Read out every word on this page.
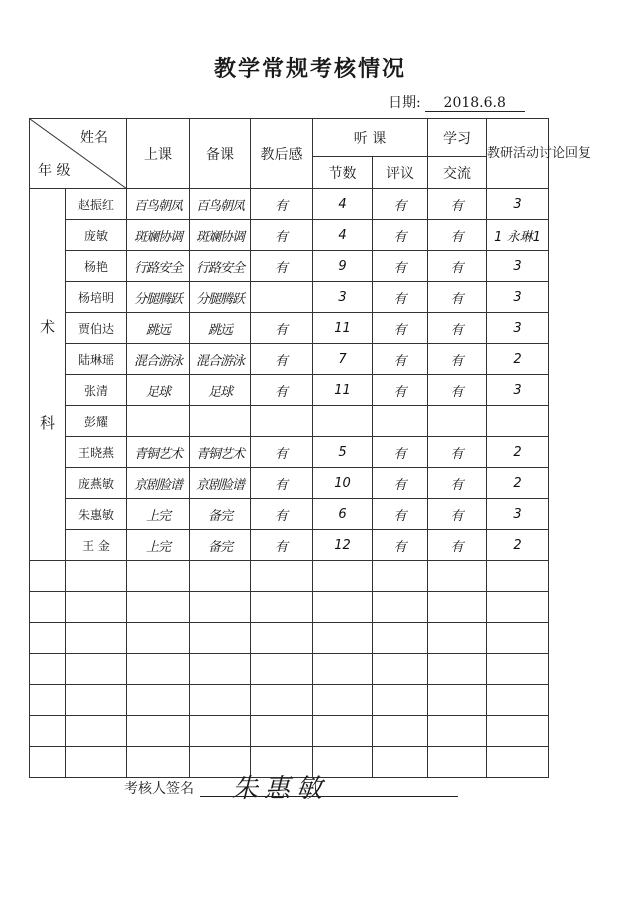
教学常规考核情况
日期: 2018.6.8
姓名
年 级		上课	备课	教后感	听 课		学习	教研活动讨论回复
					节数	评议	交流	

术
科	赵振红	百鸟朝凤	百鸟朝凤	有	4	有	有	3
	庞敏	斑斓协调	斑斓协调	有	4	有	有	1 永琳1
	杨艳	行路安全	行路安全	有	9	有	有	3
	杨培明	分腿腾跃	分腿腾跃		3	有	有	3
	贾伯达	跳远	跳远	有	11	有	有	3
	陆琳瑶	混合游泳	混合游泳	有	7	有	有	2
	张清	足球	足球	有	11	有	有	3
	彭耀							
	王晓燕	青铜艺术	青铜艺术	有	5	有	有	2
	庞燕敏	京剧脸谱	京剧脸谱	有	10	有	有	2
	朱惠敏	上完	备完	有	6	有	有	3
	王 金	上完	备完	有	12	有	有	2

考核人签名 朱惠敏
